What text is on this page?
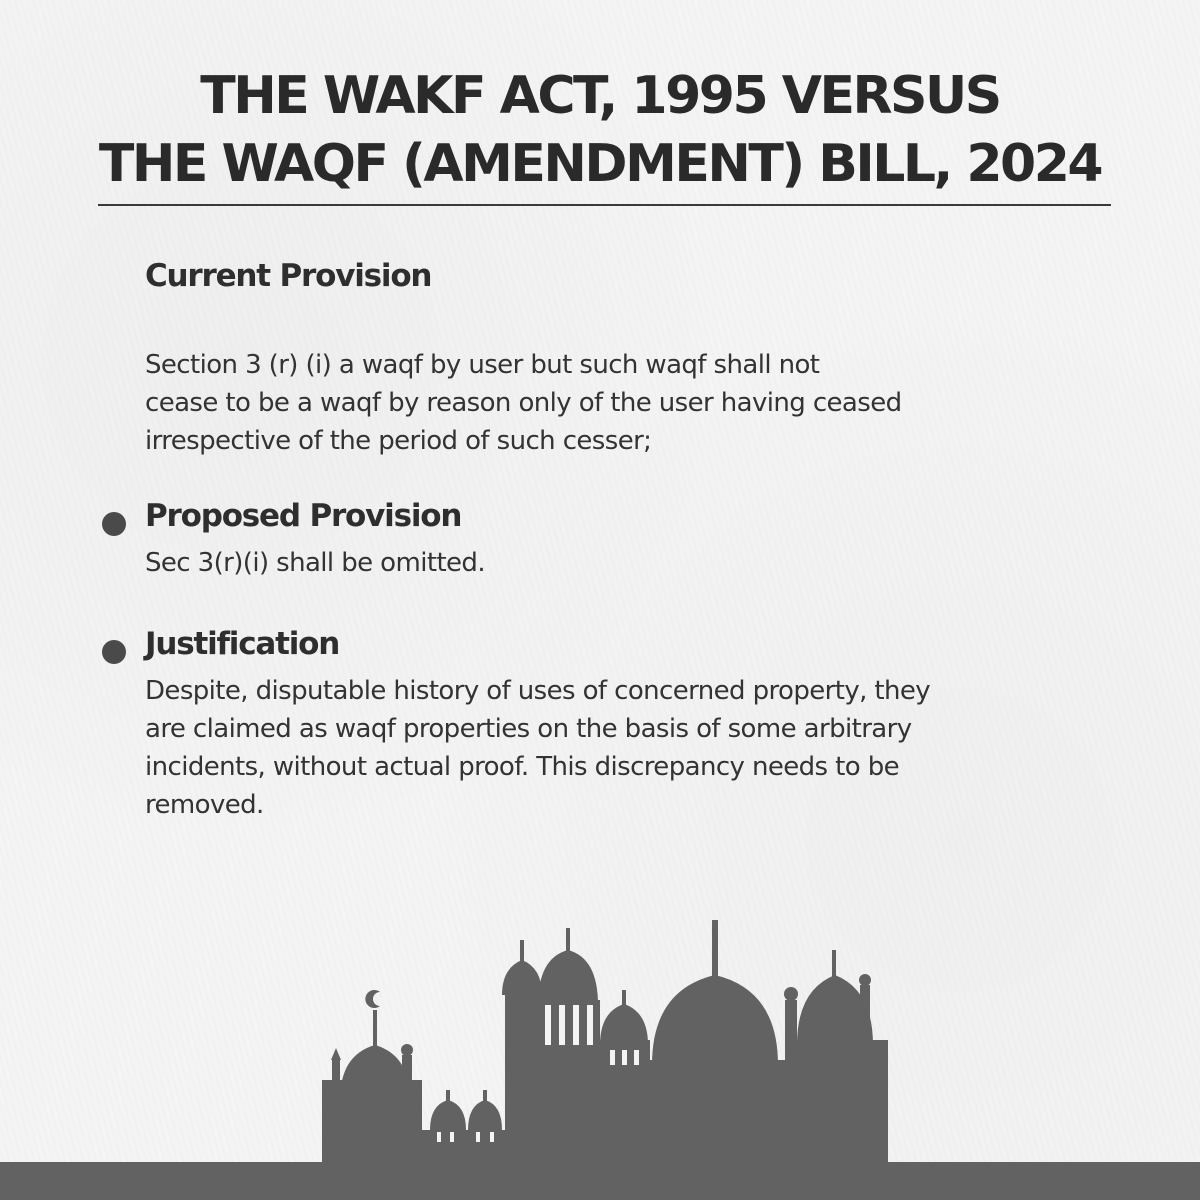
THE WAKF ACT, 1995 VERSUS
THE WAQF (AMENDMENT) BILL, 2024
Current Provision
Section 3 (r) (i) a waqf by user but such waqf shall not
cease to be a waqf by reason only of the user having ceased
irrespective of the period of such cesser;
Proposed Provision
Sec 3(r)(i) shall be omitted.
Justification
Despite, disputable history of uses of concerned property, they
are claimed as waqf properties on the basis of some arbitrary
incidents, without actual proof. This discrepancy needs to be
removed.
